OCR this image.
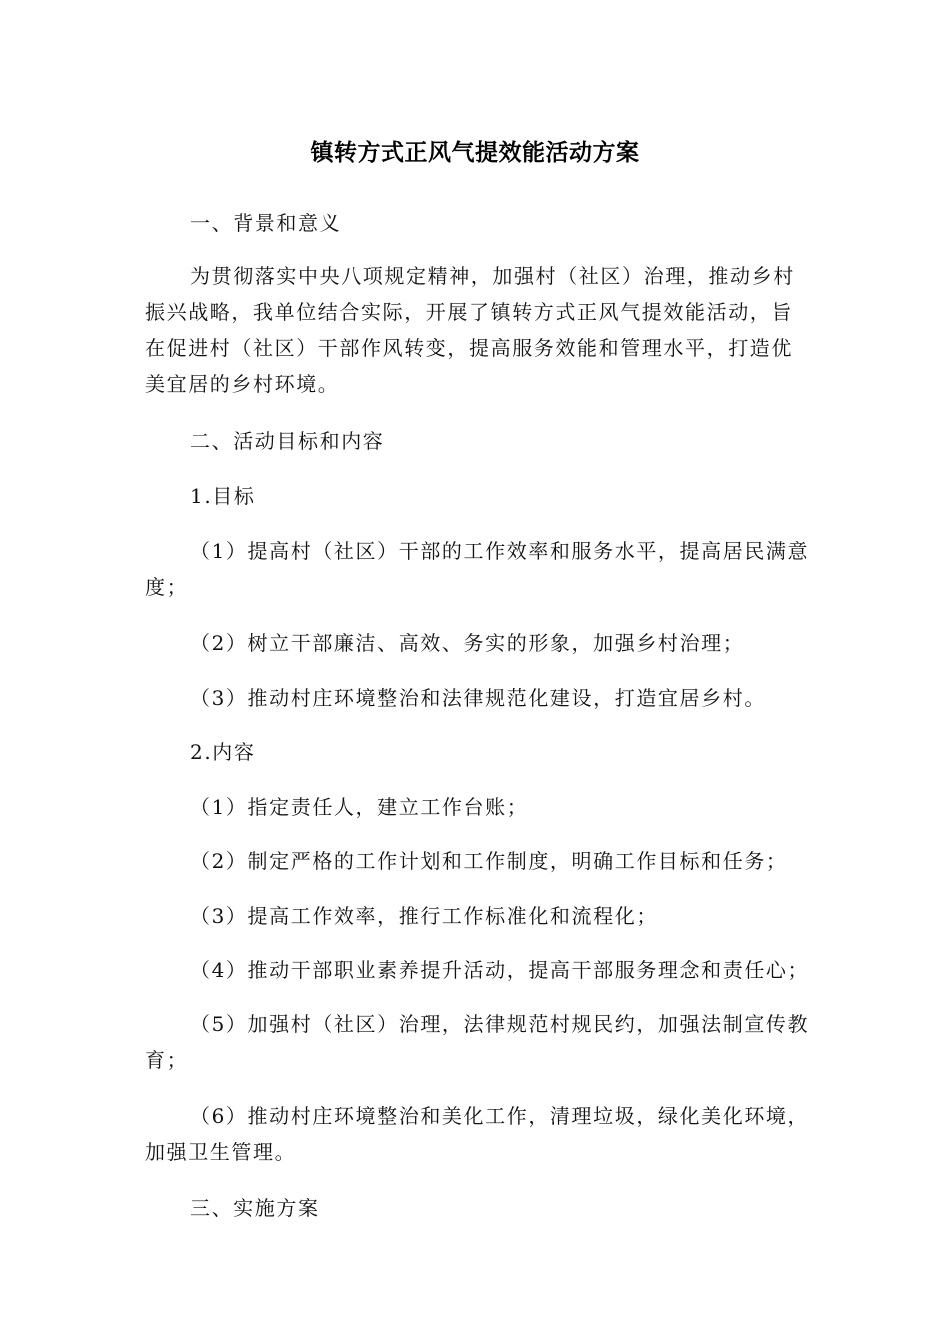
镇转方式正风气提效能活动方案

一、背景和意义

为贯彻落实中央八项规定精神，加强村（社区）治理，推动乡村振兴战略，我单位结合实际，开展了镇转方式正风气提效能活动，旨在促进村（社区）干部作风转变，提高服务效能和管理水平，打造优美宜居的乡村环境。

二、活动目标和内容

1.目标

（1）提高村（社区）干部的工作效率和服务水平，提高居民满意度；

（2）树立干部廉洁、高效、务实的形象，加强乡村治理；

（3）推动村庄环境整治和法律规范化建设，打造宜居乡村。

2.内容

（1）指定责任人，建立工作台账；

（2）制定严格的工作计划和工作制度，明确工作目标和任务；

（3）提高工作效率，推行工作标准化和流程化；

（4）推动干部职业素养提升活动，提高干部服务理念和责任心；

（5）加强村（社区）治理，法律规范村规民约，加强法制宣传教育；

（6）推动村庄环境整治和美化工作，清理垃圾，绿化美化环境，加强卫生管理。

三、实施方案
